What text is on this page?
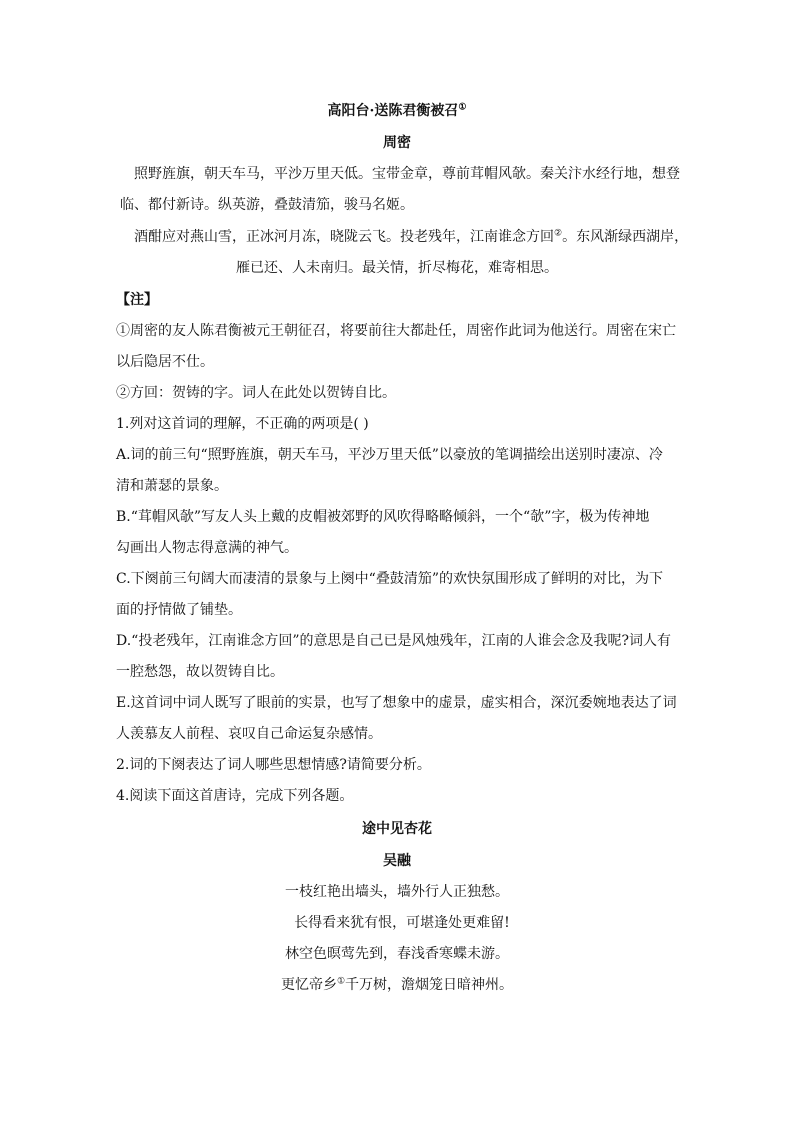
高阳台·送陈君衡被召①
周密
照野旌旗，朝天车马，平沙万里天低。宝带金章，尊前茸帽风欹。秦关汴水经行地，想登
临、都付新诗。纵英游，叠鼓清笳，骏马名姬。
酒酣应对燕山雪，正冰河月冻，晓陇云飞。投老残年，江南谁念方回②。东风渐绿西湖岸，
雁已还、人未南归。最关情，折尽梅花，难寄相思。
【注】
①周密的友人陈君衡被元王朝征召，将要前往大都赴任，周密作此词为他送行。周密在宋亡
以后隐居不仕。
②方回：贺铸的字。词人在此处以贺铸自比。
1.列对这首词的理解，不正确的两项是( )
A.词的前三句“照野旌旗，朝天车马，平沙万里天低”以豪放的笔调描绘出送别时凄凉、冷
清和萧瑟的景象。
B.“茸帽风欹”写友人头上戴的皮帽被郊野的风吹得略略倾斜，一个“欹”字，极为传神地
勾画出人物志得意满的神气。
C.下阕前三句阔大而凄清的景象与上阕中“叠鼓清笳”的欢快氛围形成了鲜明的对比，为下
面的抒情做了铺垫。
D.“投老残年，江南谁念方回”的意思是自己已是风烛残年，江南的人谁会念及我呢?词人有
一腔愁怨，故以贺铸自比。
E.这首词中词人既写了眼前的实景，也写了想象中的虚景，虚实相合，深沉委婉地表达了词
人羡慕友人前程、哀叹自己命运复杂感情。
2.词的下阕表达了词人哪些思想情感?请简要分析。
4.阅读下面这首唐诗，完成下列各题。
途中见杏花
吴融
一枝红艳出墙头，墙外行人正独愁。
长得看来犹有恨，可堪逢处更难留!
林空色暝莺先到，春浅香寒蝶未游。
更忆帝乡①千万树，澹烟笼日暗神州。
